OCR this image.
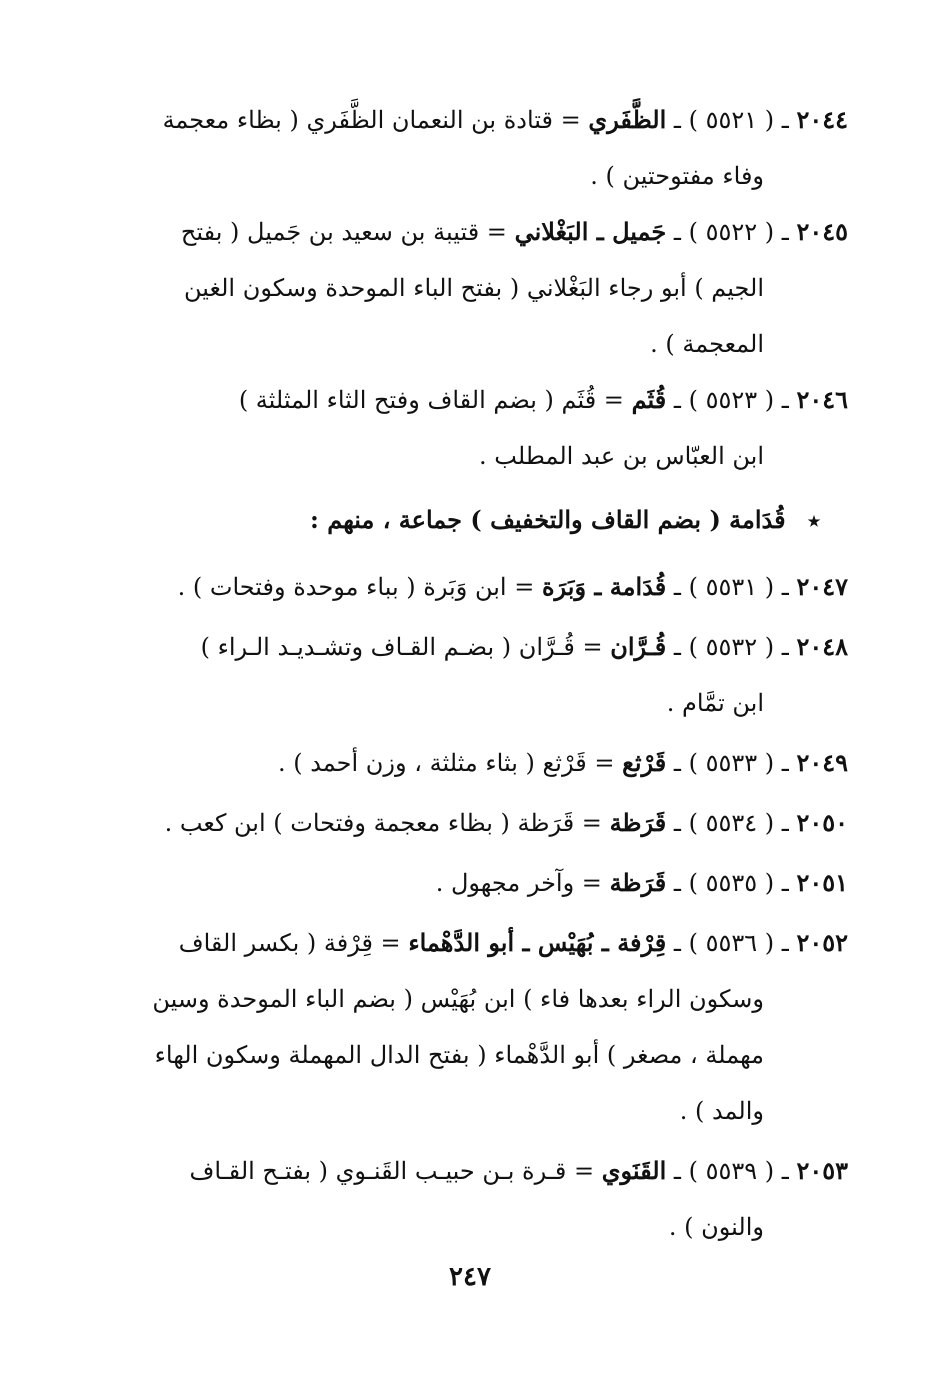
٢٠٤٤ ـ ( ٥٥٢١ ) ـ الظَّفَري = قتادة بن النعمان الظَّفَري ( بظاء معجمة
وفاء مفتوحتين ) .

٢٠٤٥ ـ ( ٥٥٢٢ ) ـ جَميل ـ البَغْلاني = قتيبة بن سعيد بن جَميل ( بفتح
الجيم ) أبو رجاء البَغْلاني ( بفتح الباء الموحدة وسكون الغين
المعجمة ) .

٢٠٤٦ ـ ( ٥٥٢٣ ) ـ قُثَم = قُثَم ( بضم القاف وفتح الثاء المثلثة )
ابن العبّاس بن عبد المطلب .

٭ قُدَامة ( بضم القاف والتخفيف ) جماعة ، منهم :

٢٠٤٧ ـ ( ٥٥٣١ ) ـ قُدَامة ـ وَبَرَة = ابن وَبَرة ( بباء موحدة وفتحات ) .

٢٠٤٨ ـ ( ٥٥٣٢ ) ـ قُـرَّان = قُـرَّان ( بضـم القـاف وتشـديـد الـراء )
ابن تمَّام .

٢٠٤٩ ـ ( ٥٥٣٣ ) ـ قَرْثع = قَرْثع ( بثاء مثلثة ، وزن أحمد ) .

٢٠٥٠ ـ ( ٥٥٣٤ ) ـ قَرَظة = قَرَظة ( بظاء معجمة وفتحات ) ابن كعب .

٢٠٥١ ـ ( ٥٥٣٥ ) ـ قَرَظة = وآخر مجهول .

٢٠٥٢ ـ ( ٥٥٣٦ ) ـ قِرْفة ـ بُهَيْس ـ أبو الدَّهْماء = قِرْفة ( بكسر القاف
وسكون الراء بعدها فاء ) ابن بُهَيْس ( بضم الباء الموحدة وسين
مهملة ، مصغر ) أبو الدَّهْماء ( بفتح الدال المهملة وسكون الهاء
والمد ) .

٢٠٥٣ ـ ( ٥٥٣٩ ) ـ القَنَوي = قـرة بـن حبيـب القَنـوي ( بفتـح القـاف
والنون ) .

٢٤٧
